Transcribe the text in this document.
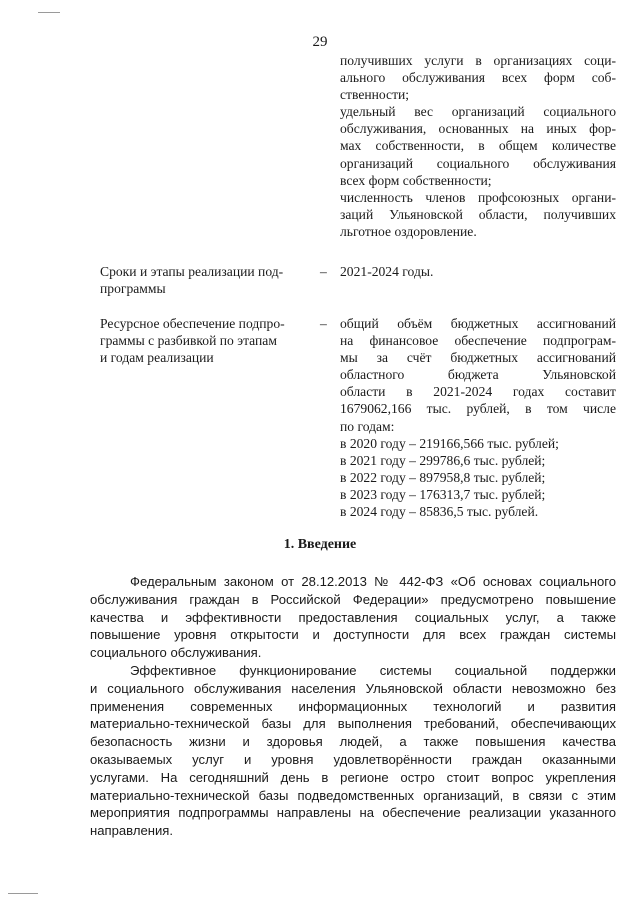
29
получивших услуги в организациях соци-
ального обслуживания всех форм соб-
ственности;
удельный вес организаций социального
обслуживания, основанных на иных фор-
мах собственности, в общем количестве
организаций социального обслуживания
всех форм собственности;
численность членов профсоюзных органи-
заций Ульяновской области, получивших
льготное оздоровление.
Сроки и этапы реализации под-
программы
– 2021-2024 годы.
Ресурсное обеспечение подпро-
граммы с разбивкой по этапам
и годам реализации
– общий объём бюджетных ассигнований
на финансовое обеспечение подпрограм-
мы за счёт бюджетных ассигнований
областного бюджета Ульяновской
области в 2021-2024 годах составит
1679062,166 тыс. рублей, в том числе
по годам:
в 2020 году – 219166,566 тыс. рублей;
в 2021 году – 299786,6 тыс. рублей;
в 2022 году – 897958,8 тыс. рублей;
в 2023 году – 176313,7 тыс. рублей;
в 2024 году – 85836,5 тыс. рублей.
1. Введение
Федеральным законом от 28.12.2013 № 442-ФЗ «Об основах социального
обслуживания граждан в Российской Федерации» предусмотрено повышение
качества и эффективности предоставления социальных услуг, а также
повышение уровня открытости и доступности для всех граждан системы
социального обслуживания.
Эффективное функционирование системы социальной поддержки
и социального обслуживания населения Ульяновской области невозможно без
применения современных информационных технологий и развития
материально-технической базы для выполнения требований, обеспечивающих
безопасность жизни и здоровья людей, а также повышения качества
оказываемых услуг и уровня удовлетворённости граждан оказанными
услугами. На сегодняшний день в регионе остро стоит вопрос укрепления
материально-технической базы подведомственных организаций, в связи с этим
мероприятия подпрограммы направлены на обеспечение реализации указанного
направления.
